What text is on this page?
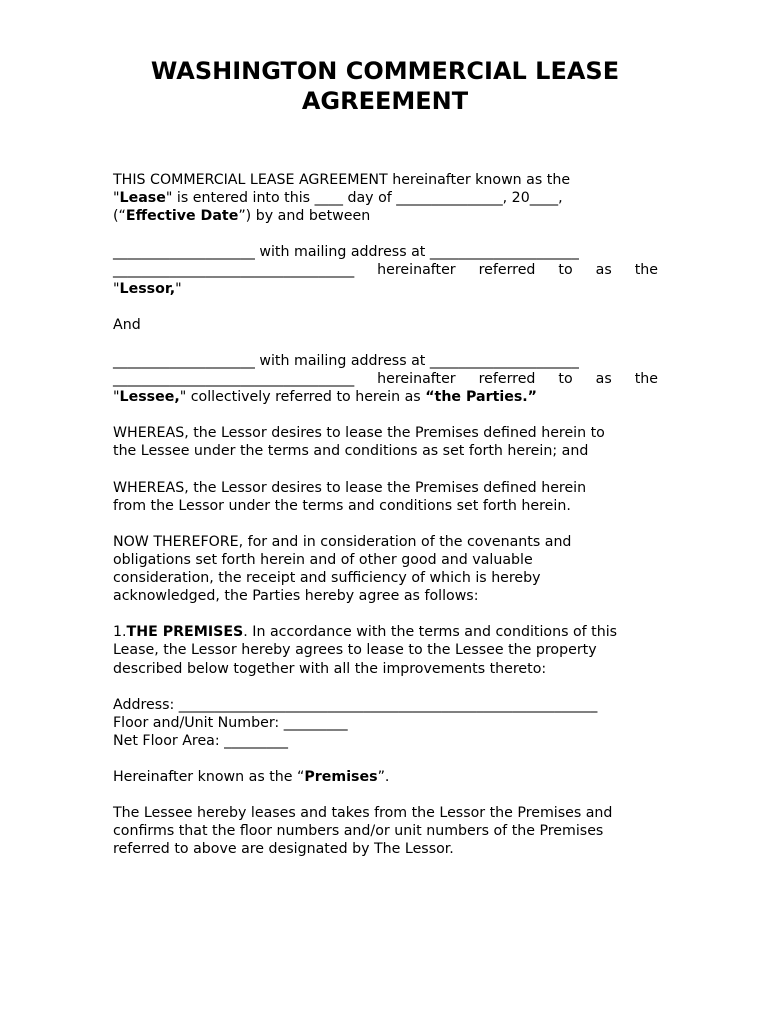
WASHINGTON COMMERCIAL LEASE
AGREEMENT
THIS COMMERCIAL LEASE AGREEMENT hereinafter known as the
"Lease" is entered into this ____ day of _______________, 20____,
(“Effective Date”) by and between
____________________ with mailing address at _____________________
__________________________________ hereinafter referred to as the
"Lessor,"
And
____________________ with mailing address at _____________________
__________________________________ hereinafter referred to as the
"Lessee," collectively referred to herein as “the Parties.”
WHEREAS, the Lessor desires to lease the Premises defined herein to
the Lessee under the terms and conditions as set forth herein; and
WHEREAS, the Lessor desires to lease the Premises defined herein
from the Lessor under the terms and conditions set forth herein.
NOW THEREFORE, for and in consideration of the covenants and
obligations set forth herein and of other good and valuable
consideration, the receipt and sufficiency of which is hereby
acknowledged, the Parties hereby agree as follows:
1.THE PREMISES. In accordance with the terms and conditions of this
Lease, the Lessor hereby agrees to lease to the Lessee the property
described below together with all the improvements thereto:
Address: ___________________________________________________________
Floor and/Unit Number: _________
Net Floor Area: _________
Hereinafter known as the “Premises”.
The Lessee hereby leases and takes from the Lessor the Premises and
confirms that the floor numbers and/or unit numbers of the Premises
referred to above are designated by The Lessor.
